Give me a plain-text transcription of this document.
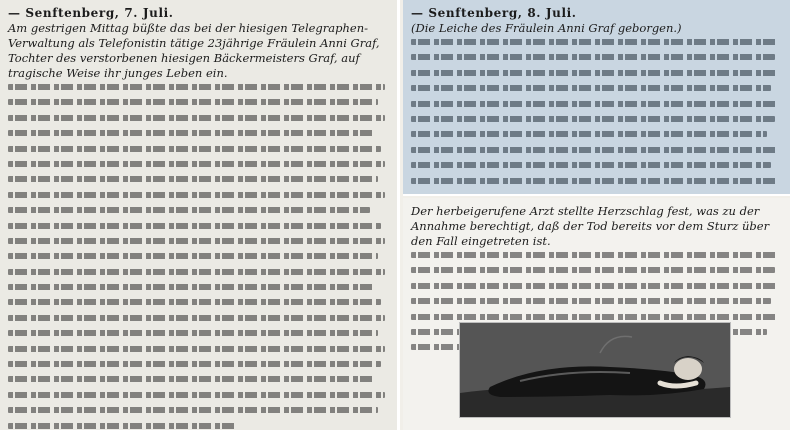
— Senftenberg, 7. Juli.
Am gestrigen Mittag büßte das bei der hiesigen Telegraphen-Verwaltung als Telefonistin tätige 23jährige Fräulein Anni Graf, Tochter des verstorbenen hiesigen Bäckermeisters Graf, auf tragische Weise ihr junges Leben ein.
— Senftenberg, 8. Juli.
(Die Leiche des Fräulein Anni Graf geborgen.)
Der herbeigerufene Arzt stellte Herzschlag fest, was zu der Annahme berechtigt, daß der Tod bereits vor dem Sturz über den Fall eingetreten ist.
